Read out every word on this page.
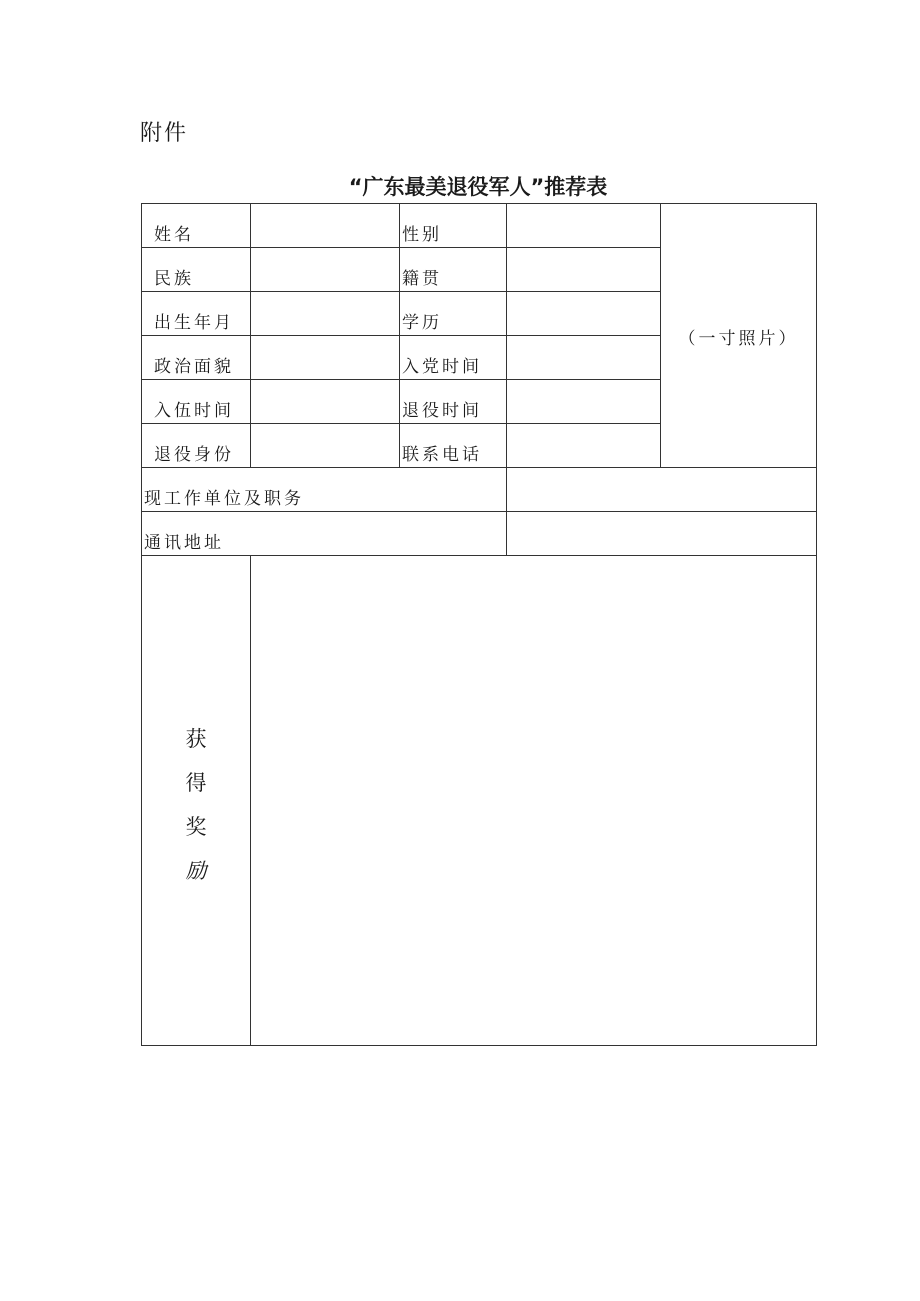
附件
“广东最美退役军人”推荐表
姓名		性别		（一寸照片）

民族		籍贯		
出生年月		学历		
政治面貌		入党时间		
入伍时间		退役时间		
退役身份		联系电话		
现工作单位及职务				
通讯地址				

获
得
奖
励				
